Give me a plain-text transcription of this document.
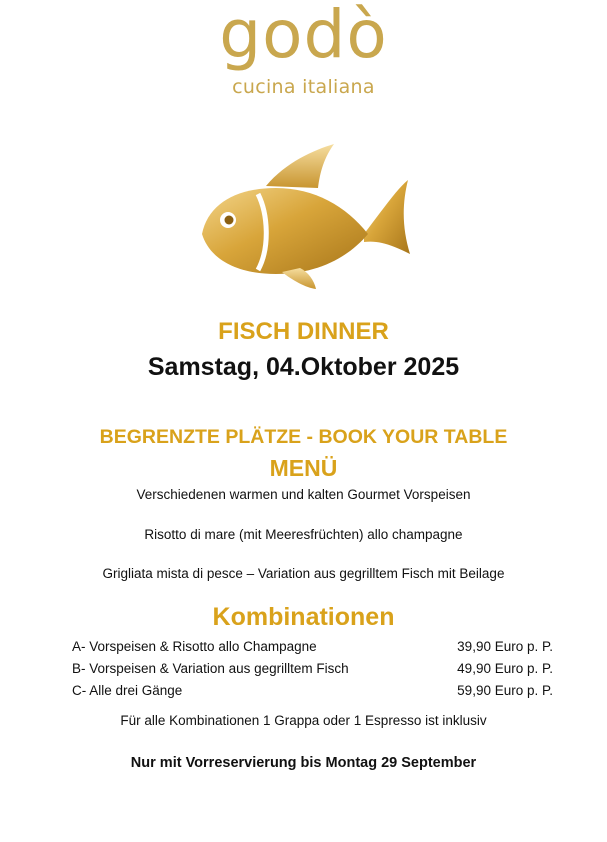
godò
cucina italiana
FISCH DINNER
Samstag, 04.Oktober 2025
BEGRENZTE PLÄTZE - BOOK YOUR TABLE
MENÜ
Verschiedenen warmen und kalten Gourmet Vorspeisen
Risotto di mare (mit Meeresfrüchten) allo champagne
Grigliata mista di pesce – Variation aus gegrilltem Fisch mit Beilage
Kombinationen
A- Vorspeisen & Risotto allo Champagne	39,90 Euro p. P.
B- Vorspeisen & Variation aus gegrilltem Fisch	49,90 Euro p. P.
C- Alle drei Gänge	59,90 Euro p. P.
Für alle Kombinationen 1 Grappa oder 1 Espresso ist inklusiv
Nur mit Vorreservierung bis Montag 29 September
